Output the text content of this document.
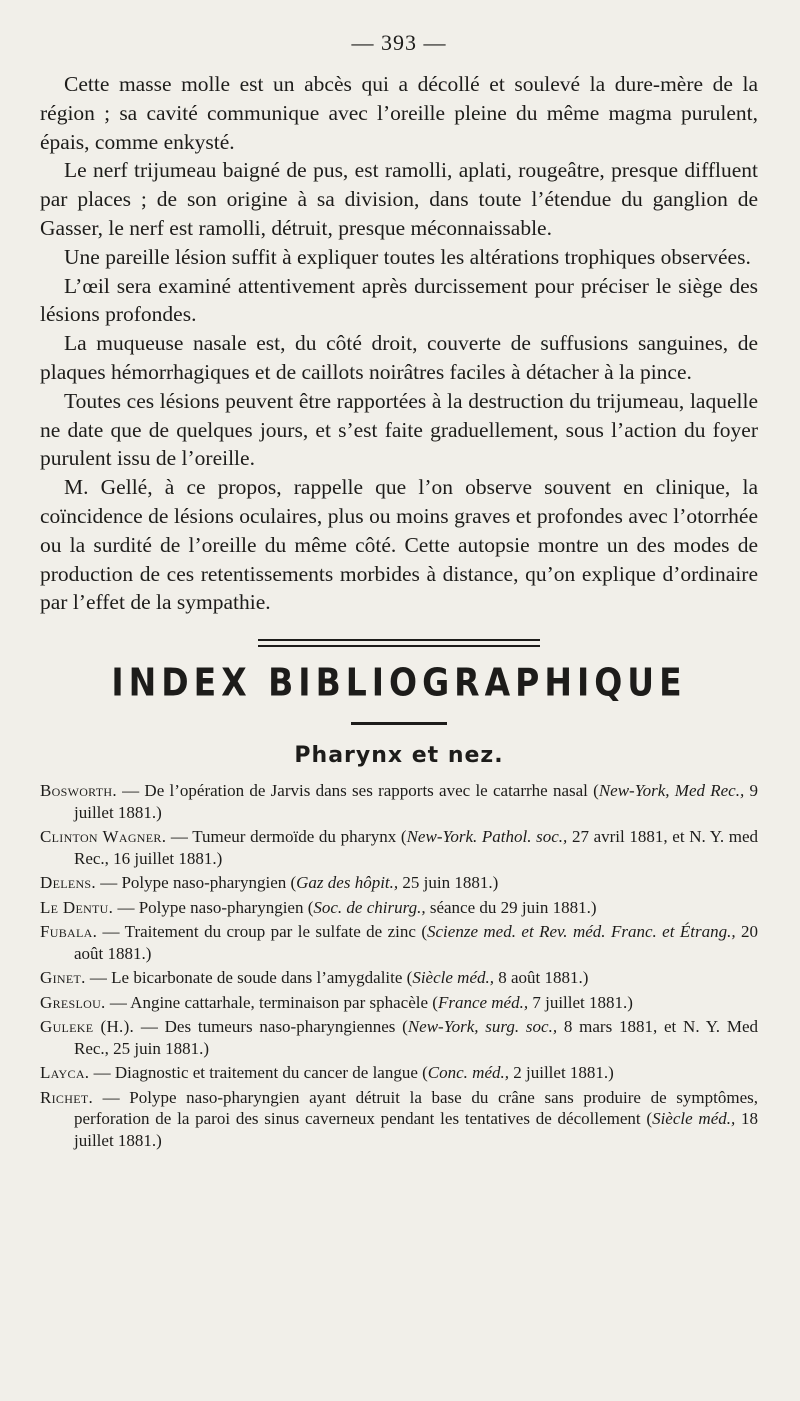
— 393 —

Cette masse molle est un abcès qui a décollé et soulevé la dure-mère de la région ; sa cavité communique avec l’oreille pleine du même magma purulent, épais, comme enkysté.

Le nerf trijumeau baigné de pus, est ramolli, aplati, rougeâtre, presque diffluent par places ; de son origine à sa division, dans toute l’étendue du ganglion de Gasser, le nerf est ramolli, détruit, presque méconnaissable.

Une pareille lésion suffit à expliquer toutes les altérations trophiques observées.

L’œil sera examiné attentivement après durcissement pour préciser le siège des lésions profondes.

La muqueuse nasale est, du côté droit, couverte de suffusions sanguines, de plaques hémorrhagiques et de caillots noirâtres faciles à détacher à la pince.

Toutes ces lésions peuvent être rapportées à la destruction du trijumeau, laquelle ne date que de quelques jours, et s’est faite graduellement, sous l’action du foyer purulent issu de l’oreille.

M. Gellé, à ce propos, rappelle que l’on observe souvent en clinique, la coïncidence de lésions oculaires, plus ou moins graves et profondes avec l’otorrhée ou la surdité de l’oreille du même côté. Cette autopsie montre un des modes de production de ces retentissements morbides à distance, qu’on explique d’ordinaire par l’effet de la sympathie.

INDEX BIBLIOGRAPHIQUE
Pharynx et nez.

Bosworth. — De l’opération de Jarvis dans ses rapports avec le catarrhe nasal (New-York, Med Rec., 9 juillet 1881.)

Clinton Wagner. — Tumeur dermoïde du pharynx (New-York. Pathol. soc., 27 avril 1881, et N. Y. med Rec., 16 juillet 1881.)

Delens. — Polype naso-pharyngien (Gaz des hôpit., 25 juin 1881.)

Le Dentu. — Polype naso-pharyngien (Soc. de chirurg., séance du 29 juin 1881.)

Fubala. — Traitement du croup par le sulfate de zinc (Scienze med. et Rev. méd. Franc. et Étrang., 20 août 1881.)

Ginet. — Le bicarbonate de soude dans l’amygdalite (Siècle méd., 8 août 1881.)

Greslou. — Angine cattarhale, terminaison par sphacèle (France méd., 7 juillet 1881.)

Guleke (H.). — Des tumeurs naso-pharyngiennes (New-York, surg. soc., 8 mars 1881, et N. Y. Med Rec., 25 juin 1881.)

Layca. — Diagnostic et traitement du cancer de langue (Conc. méd., 2 juillet 1881.)

Richet. — Polype naso-pharyngien ayant détruit la base du crâne sans produire de symptômes, perforation de la paroi des sinus caverneux pendant les tentatives de décollement (Siècle méd., 18 juillet 1881.)
